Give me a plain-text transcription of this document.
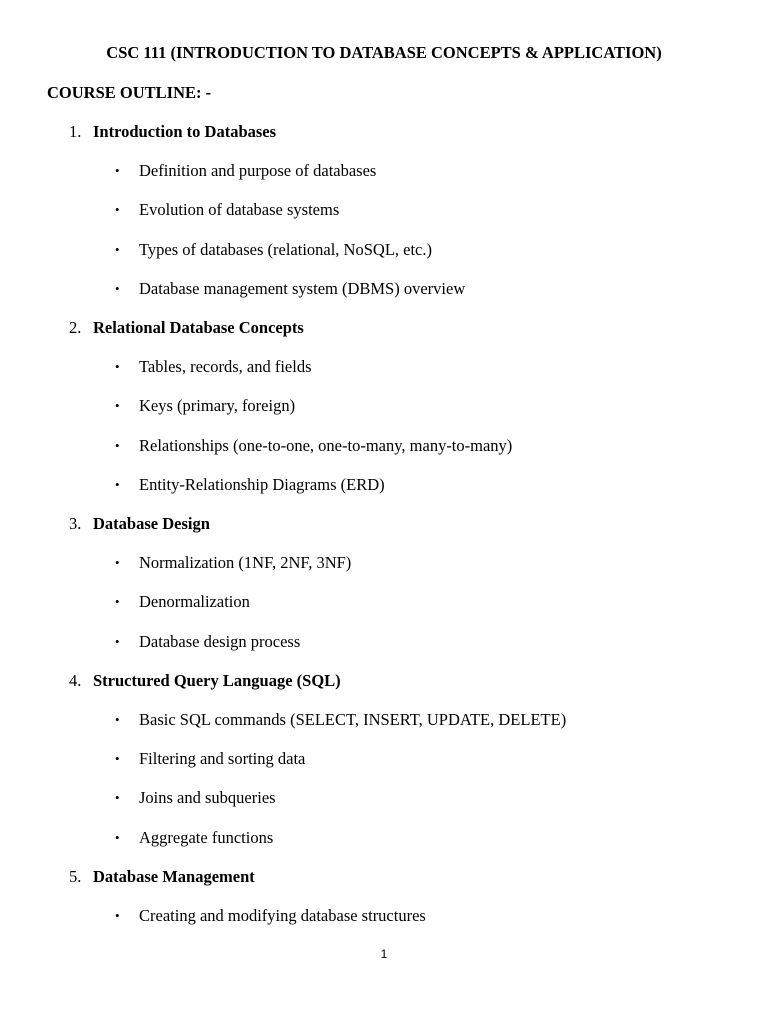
CSC 111 (INTRODUCTION TO DATABASE CONCEPTS & APPLICATION)
COURSE OUTLINE: -
1. Introduction to Databases
• Definition and purpose of databases
• Evolution of database systems
• Types of databases (relational, NoSQL, etc.)
• Database management system (DBMS) overview
2. Relational Database Concepts
• Tables, records, and fields
• Keys (primary, foreign)
• Relationships (one-to-one, one-to-many, many-to-many)
• Entity-Relationship Diagrams (ERD)
3. Database Design
• Normalization (1NF, 2NF, 3NF)
• Denormalization
• Database design process
4. Structured Query Language (SQL)
• Basic SQL commands (SELECT, INSERT, UPDATE, DELETE)
• Filtering and sorting data
• Joins and subqueries
• Aggregate functions
5. Database Management
• Creating and modifying database structures
1
